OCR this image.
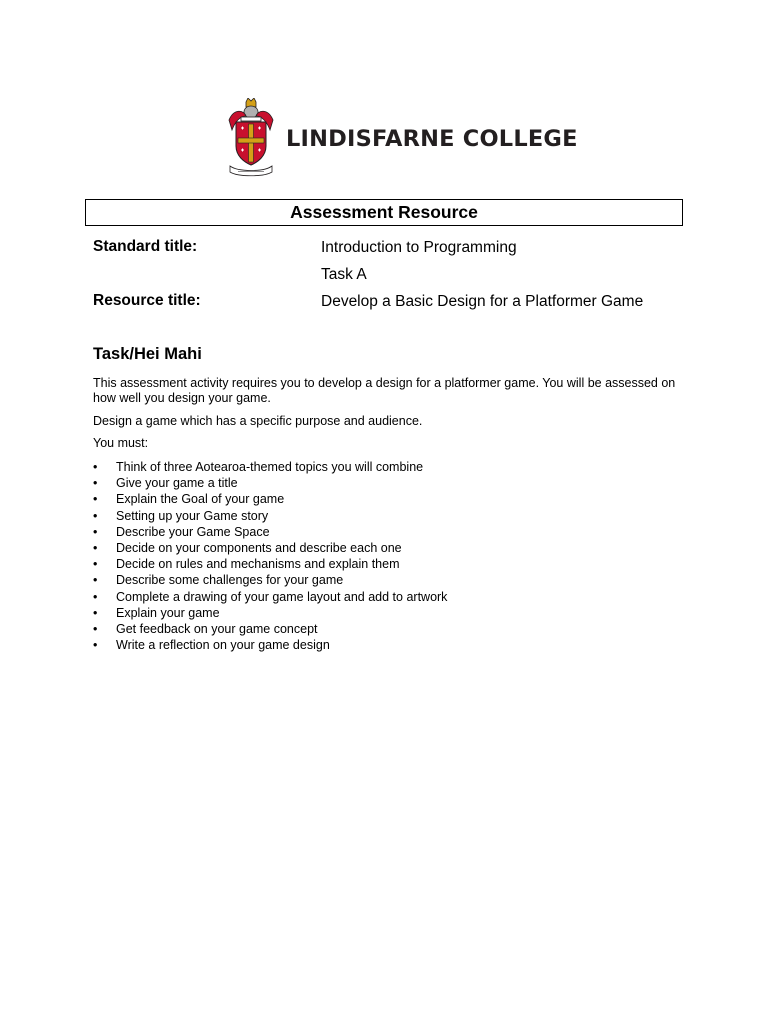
LINDISFARNE COLLEGE
Assessment Resource
Standard title:	Introduction to Programming
Task A
Resource title:	Develop a Basic Design for a Platformer Game
Task/Hei Mahi
This assessment activity requires you to develop a design for a platformer game. You will be assessed on how well you design your game.
Design a game which has a specific purpose and audience.
You must:
• Think of three Aotearoa-themed topics you will combine
• Give your game a title
• Explain the Goal of your game
• Setting up your Game story
• Describe your Game Space
• Decide on your components and describe each one
• Decide on rules and mechanisms and explain them
• Describe some challenges for your game
• Complete a drawing of your game layout and add to artwork
• Explain your game
• Get feedback on your game concept
• Write a reflection on your game design
